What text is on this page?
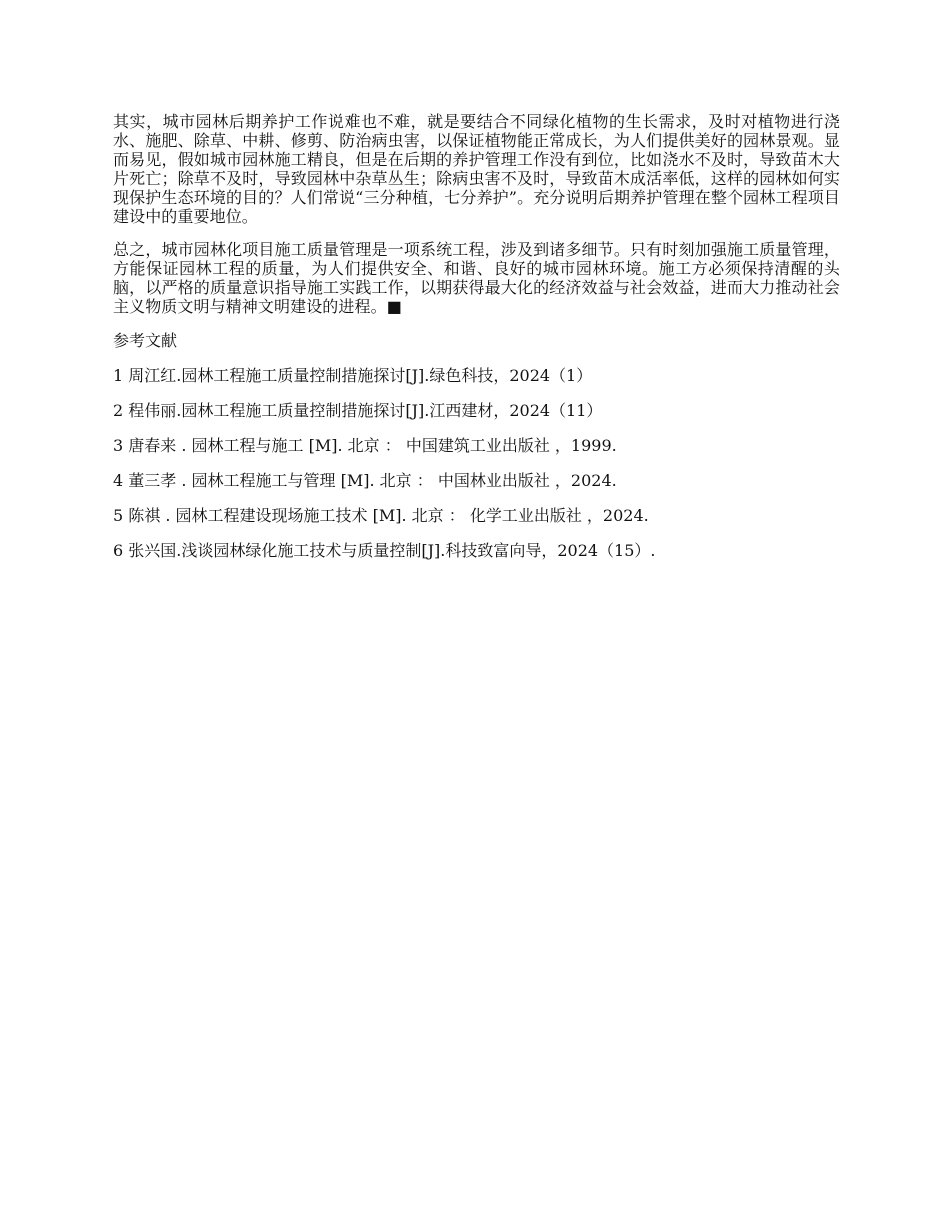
其实，城市园林后期养护工作说难也不难，就是要结合不同绿化植物的生长需求，及时对植物进行浇水、施肥、除草、中耕、修剪、防治病虫害，以保证植物能正常成长，为人们提供美好的园林景观。显而易见，假如城市园林施工精良，但是在后期的养护管理工作没有到位，比如浇水不及时，导致苗木大片死亡；除草不及时，导致园林中杂草丛生；除病虫害不及时，导致苗木成活率低，这样的园林如何实现保护生态环境的目的？人们常说“三分种植，七分养护”。充分说明后期养护管理在整个园林工程项目建设中的重要地位。

总之，城市园林化项目施工质量管理是一项系统工程，涉及到诸多细节。只有时刻加强施工质量管理，方能保证园林工程的质量，为人们提供安全、和谐、良好的城市园林环境。施工方必须保持清醒的头脑，以严格的质量意识指导施工实践工作，以期获得最大化的经济效益与社会效益，进而大力推动社会主义物质文明与精神文明建设的进程。■

参考文献
1 周江红.园林工程施工质量控制措施探讨[J].绿色科技，2024（1）
2 程伟丽.园林工程施工质量控制措施探讨[J].江西建材，2024（11）
3 唐春来 . 园林工程与施工 [M]. 北京 ： 中国建筑工业出版社 ，1999.
4 董三孝 . 园林工程施工与管理 [M]. 北京 ： 中国林业出版社 ，2024.
5 陈祺 . 园林工程建设现场施工技术 [M]. 北京 ： 化学工业出版社 ，2024.
6 张兴国.浅谈园林绿化施工技术与质量控制[J].科技致富向导，2024（15）.
